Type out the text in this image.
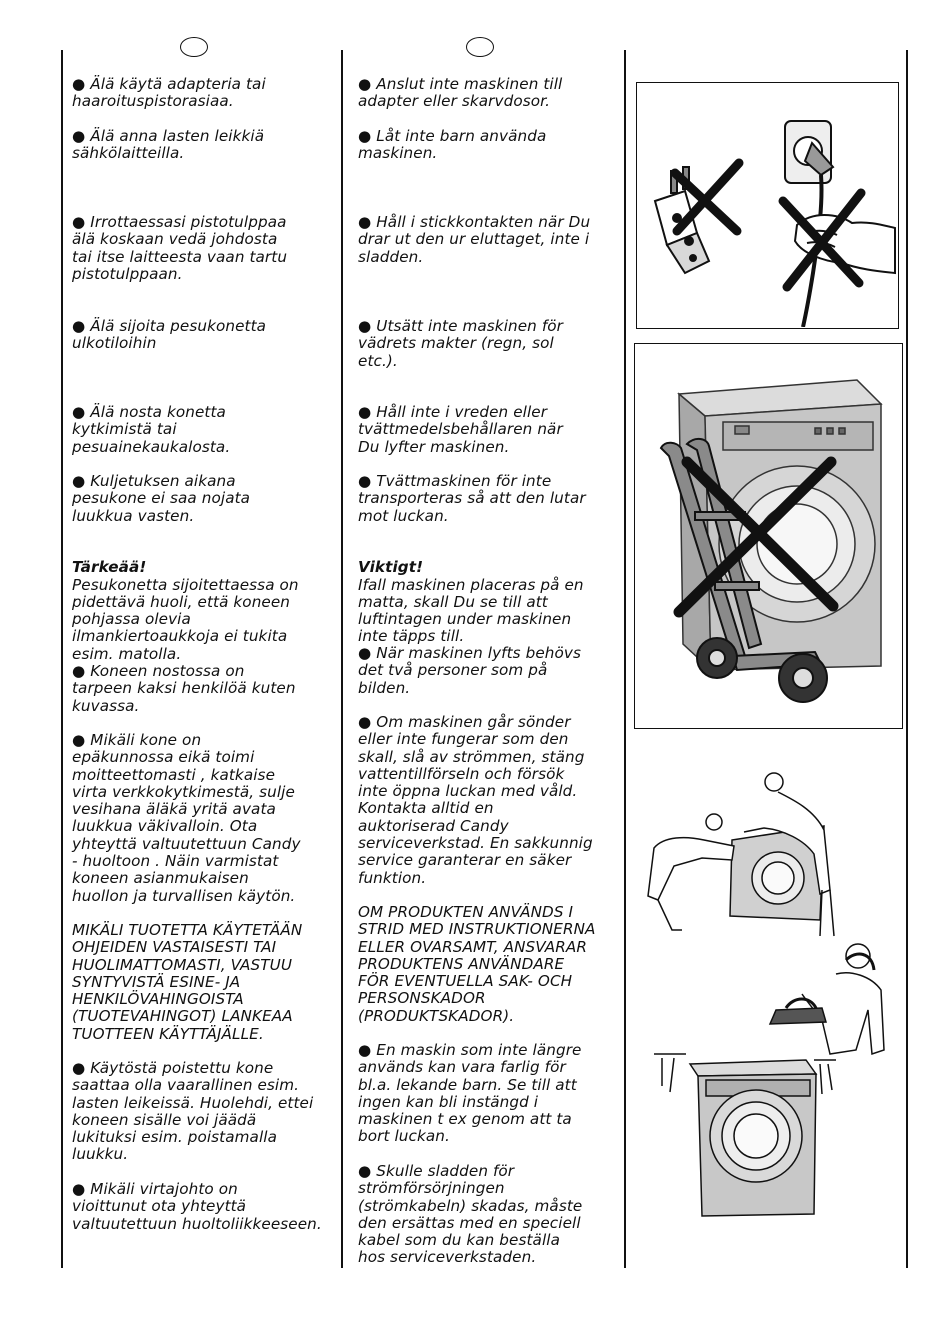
● Älä käytä adapteria tai
haaroituspistorasiaa.

● Älä anna lasten leikkiä
sähkölaitteilla.

● Irrottaessasi pistotulppaa
älä koskaan vedä johdosta
tai itse laitteesta vaan tartu
pistotulppaan.

● Älä sijoita pesukonetta
ulkotiloihin

● Älä nosta konetta
kytkimistä tai
pesuainekaukalosta.

● Kuljetuksen aikana
pesukone ei saa nojata
luukkua vasten.

Tärkeää!
Pesukonetta sijoitettaessa on
pidettävä huoli, että koneen
pohjassa olevia
ilmankiertoaukkoja ei tukita
esim. matolla.

● Koneen nostossa on
tarpeen kaksi henkilöä kuten
kuvassa.

● Mikäli kone on
epäkunnossa eikä toimi
moitteettomasti , katkaise
virta verkkokytkimestä, sulje
vesihana äläkä yritä avata
luukkua väkivalloin. Ota
yhteyttä valtuutettuun Candy
- huoltoon . Näin varmistat
koneen asianmukaisen
huollon ja turvallisen käytön.

MIKÄLI TUOTETTA KÄYTETÄÄN
OHJEIDEN VASTAISESTI TAI
HUOLIMATTOMASTI, VASTUU
SYNTYVISTÄ ESINE- JA
HENKILÖVAHINGOISTA
(TUOTEVAHINGOT) LANKEAA
TUOTTEEN KÄYTTÄJÄLLE.

● Käytöstä poistettu kone
saattaa olla vaarallinen esim.
lasten leikeissä. Huolehdi, ettei
koneen sisälle voi jäädä
lukituksi esim. poistamalla
luukku.

● Mikäli virtajohto on
vioittunut ota yhteyttä
valtuutettuun huoltoliikkeeseen.

● Anslut inte maskinen till
adapter eller skarvdosor.

● Låt inte barn använda
maskinen.

● Håll i stickkontakten när Du
drar ut den ur eluttaget, inte i
sladden.

● Utsätt inte maskinen för
vädrets makter (regn, sol
etc.).

● Håll inte i vreden eller
tvättmedelsbehållaren när
Du lyfter maskinen.

● Tvättmaskinen för inte
transporteras så att den lutar
mot luckan.

Viktigt!
Ifall maskinen placeras på en
matta, skall Du se till att
luftintagen under maskinen
inte täpps till.

● När maskinen lyfts behövs
det två personer som på
bilden.

● Om maskinen går sönder
eller inte fungerar som den
skall, slå av strömmen, stäng
vattentillförseln och försök
inte öppna luckan med våld.
Kontakta alltid en
auktoriserad Candy
serviceverkstad. En sakkunnig
service garanterar en säker
funktion.

OM PRODUKTEN ANVÄNDS I
STRID MED INSTRUKTIONERNA
ELLER OVARSAMT, ANSVARAR
PRODUKTENS ANVÄNDARE
FÖR EVENTUELLA SAK- OCH
PERSONSKADOR
(PRODUKTSKADOR).

● En maskin som inte längre
används kan vara farlig för
bl.a. lekande barn. Se till att
ingen kan bli instängd i
maskinen t ex genom att ta
bort luckan.

● Skulle sladden för
strömförsörjningen
(strömkabeln) skadas, måste
den ersättas med en speciell
kabel som du kan beställa
hos serviceverkstaden.
